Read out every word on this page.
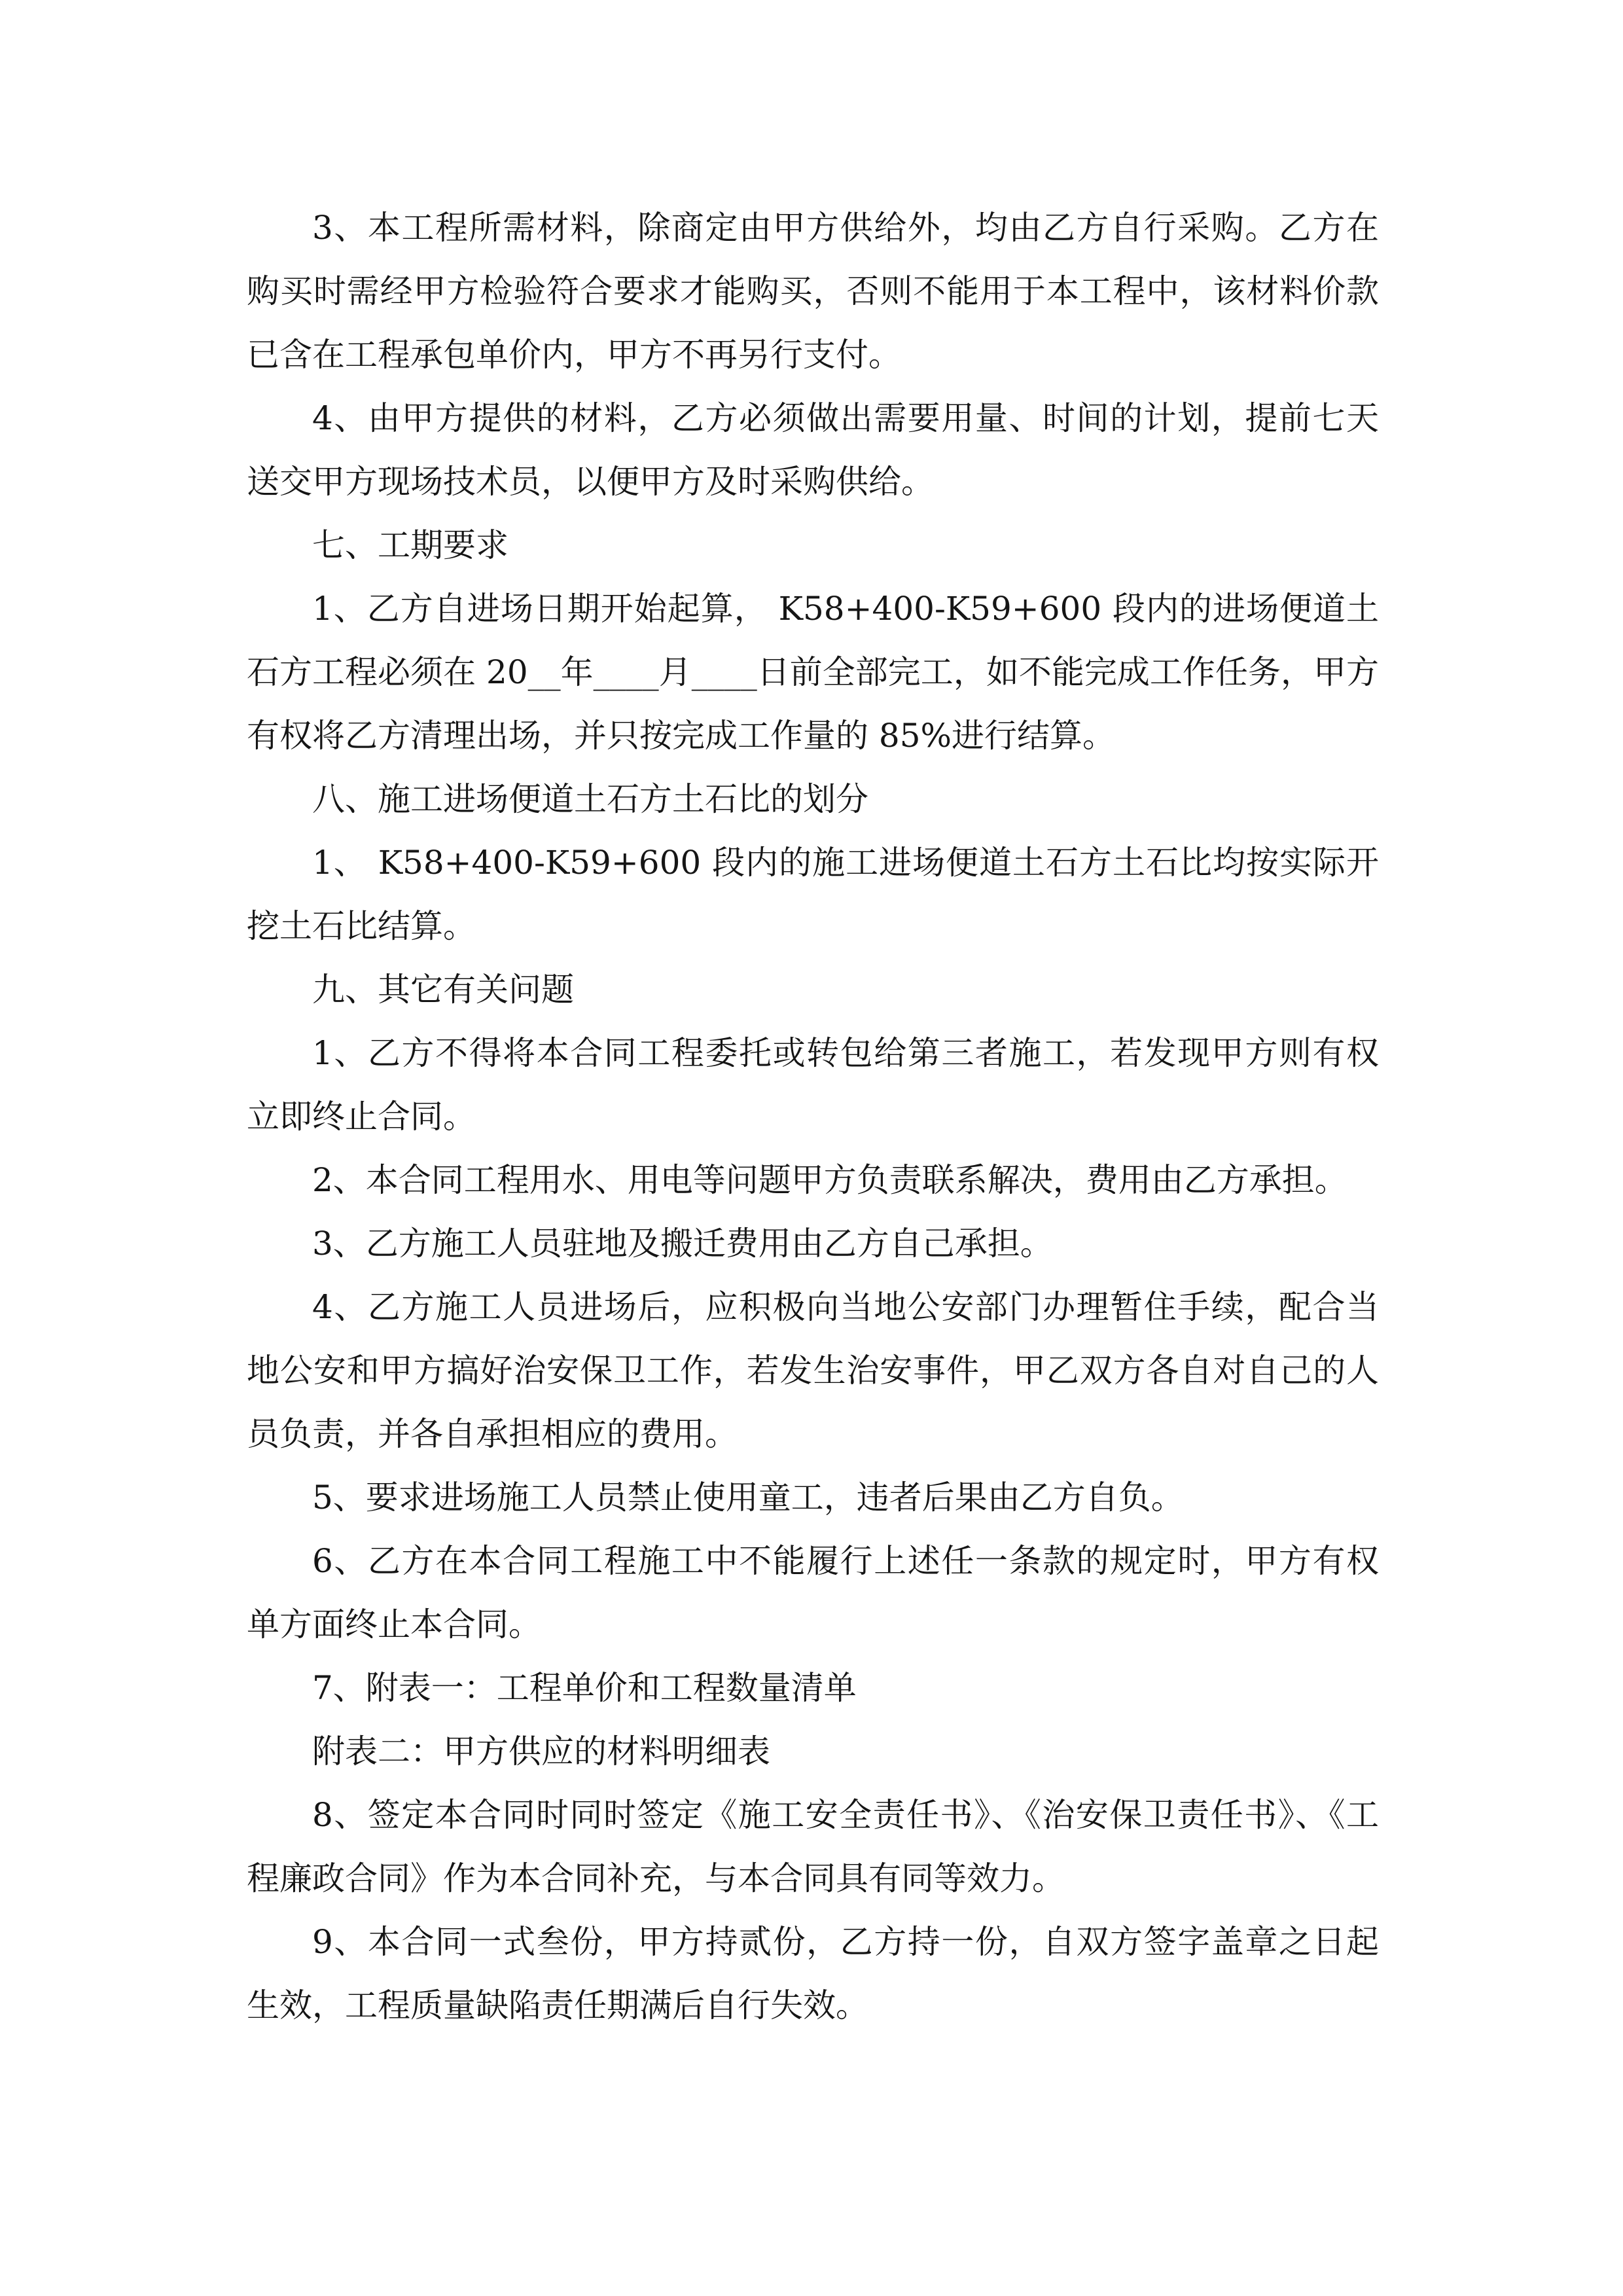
3、本工程所需材料，除商定由甲方供给外，均由乙方自行采购。乙方在购买时需经甲方检验符合要求才能购买，否则不能用于本工程中，该材料价款已含在工程承包单价内，甲方不再另行支付。

4、由甲方提供的材料，乙方必须做出需要用量、时间的计划，提前七天送交甲方现场技术员，以便甲方及时采购供给。

七、工期要求

1、乙方自进场日期开始起算， K58+400-K59+600 段内的进场便道土石方工程必须在 20__年____月____日前全部完工，如不能完成工作任务，甲方有权将乙方清理出场，并只按完成工作量的 85%进行结算。

八、施工进场便道土石方土石比的划分

1、 K58+400-K59+600 段内的施工进场便道土石方土石比均按实际开挖土石比结算。

九、其它有关问题

1、乙方不得将本合同工程委托或转包给第三者施工，若发现甲方则有权立即终止合同。

2、本合同工程用水、用电等问题甲方负责联系解决，费用由乙方承担。

3、乙方施工人员驻地及搬迁费用由乙方自己承担。

4、乙方施工人员进场后，应积极向当地公安部门办理暂住手续，配合当地公安和甲方搞好治安保卫工作，若发生治安事件，甲乙双方各自对自己的人员负责，并各自承担相应的费用。

5、要求进场施工人员禁止使用童工，违者后果由乙方自负。

6、乙方在本合同工程施工中不能履行上述任一条款的规定时，甲方有权单方面终止本合同。

7、附表一：工程单价和工程数量清单

附表二：甲方供应的材料明细表

8、签定本合同时同时签定《施工安全责任书》、《治安保卫责任书》、《工程廉政合同》作为本合同补充，与本合同具有同等效力。

9、本合同一式叁份，甲方持贰份，乙方持一份，自双方签字盖章之日起生效，工程质量缺陷责任期满后自行失效。
